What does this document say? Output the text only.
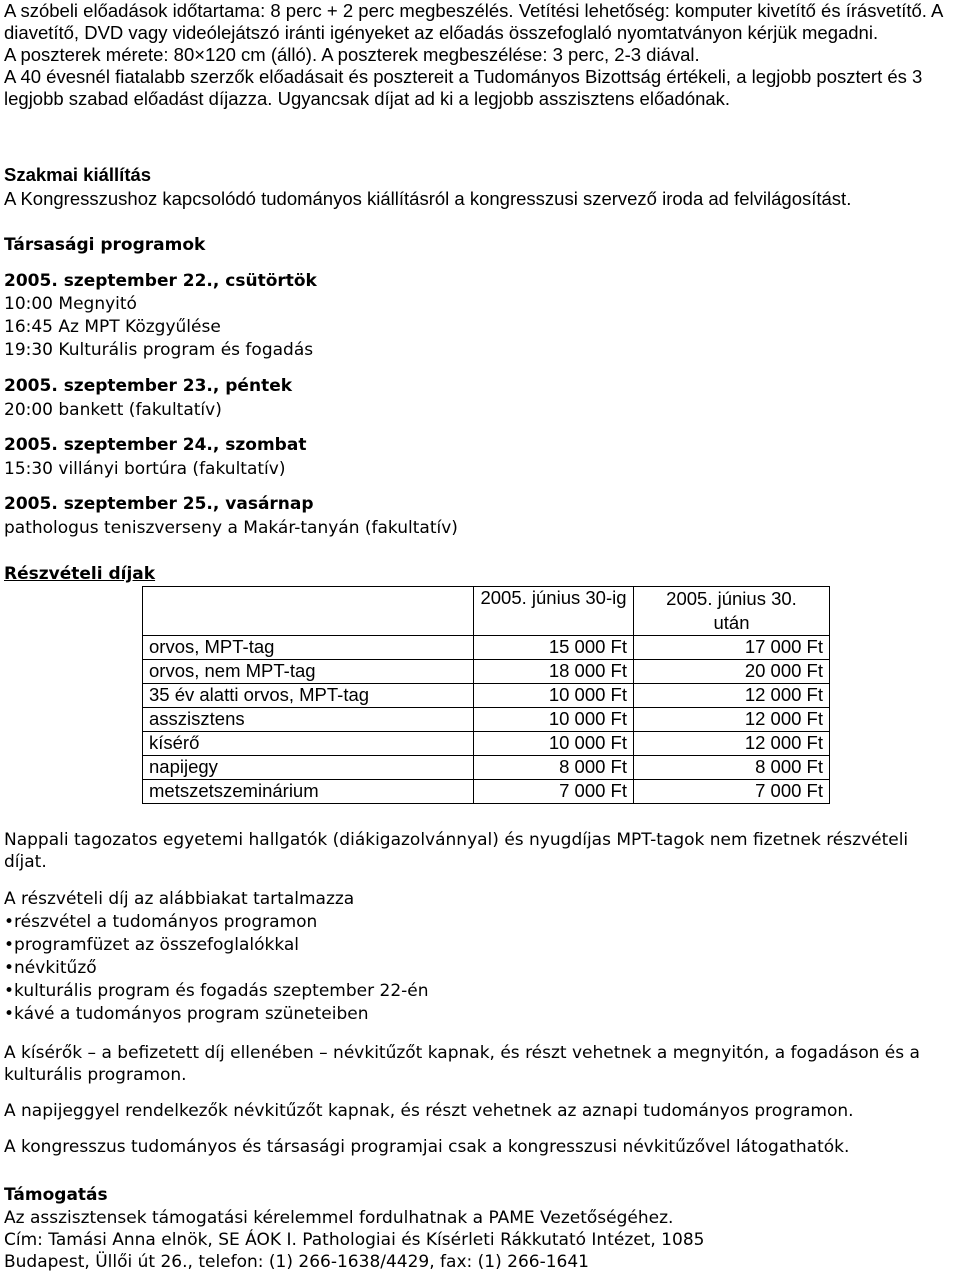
A szóbeli előadások időtartama: 8 perc + 2 perc megbeszélés. Vetítési lehetőség: komputer kivetítő és írásvetítő. A diavetítő, DVD vagy videólejátszó iránti igényeket az előadás összefoglaló nyomtatványon kérjük megadni.

A poszterek mérete: 80×120 cm (álló). A poszterek megbeszélése: 3 perc, 2-3 diával.

A 40 évesnél fiatalabb szerzők előadásait és posztereit a Tudományos Bizottság értékeli, a legjobb posztert és 3 legjobb szabad előadást díjazza. Ugyancsak díjat ad ki a legjobb asszisztens előadónak.

Szakmai kiállítás
A Kongresszushoz kapcsolódó tudományos kiállításról a kongresszusi szervező iroda ad felvilágosítást.
Társasági programok
2005. szeptember 22., csütörtök
10:00 Megnyitó
16:45 Az MPT Közgyűlése
19:30 Kulturális program és fogadás
2005. szeptember 23., péntek
20:00 bankett (fakultatív)
2005. szeptember 24., szombat
15:30 villányi bortúra (fakultatív)
2005. szeptember 25., vasárnap
pathologus teniszverseny a Makár-tanyán (fakultatív)
Részvételi díjak
	2005. június 30-ig	2005. június 30.
után

orvos, MPT-tag	15 000 Ft	17 000 Ft
orvos, nem MPT-tag	18 000 Ft	20 000 Ft
35 év alatti orvos, MPT-tag	10 000 Ft	12 000 Ft
asszisztens	10 000 Ft	12 000 Ft
kísérő	10 000 Ft	12 000 Ft
napijegy	8 000 Ft	8 000 Ft
metszetszeminárium	7 000 Ft	7 000 Ft
Nappali tagozatos egyetemi hallgatók (diákigazolvánnyal) és nyugdíjas MPT-tagok nem fizetnek részvételi díjat.
A részvételi díj az alábbiakat tartalmazza
•részvétel a tudományos programon
•programfüzet az összefoglalókkal
•névkitűző
•kulturális program és fogadás szeptember 22-én
•kávé a tudományos program szüneteiben
A kísérők – a befizetett díj ellenében – névkitűzőt kapnak, és részt vehetnek a megnyitón, a fogadáson és a kulturális programon.
A napijeggyel rendelkezők névkitűzőt kapnak, és részt vehetnek az aznapi tudományos programon.
A kongresszus tudományos és társasági programjai csak a kongresszusi névkitűzővel látogathatók.
Támogatás
Az asszisztensek támogatási kérelemmel fordulhatnak a PAME Vezetőségéhez.
Cím: Tamási Anna elnök, SE ÁOK I. Pathologiai és Kísérleti Rákkutató Intézet, 1085
Budapest, Üllői út 26., telefon: (1) 266-1638/4429, fax: (1) 266-1641
